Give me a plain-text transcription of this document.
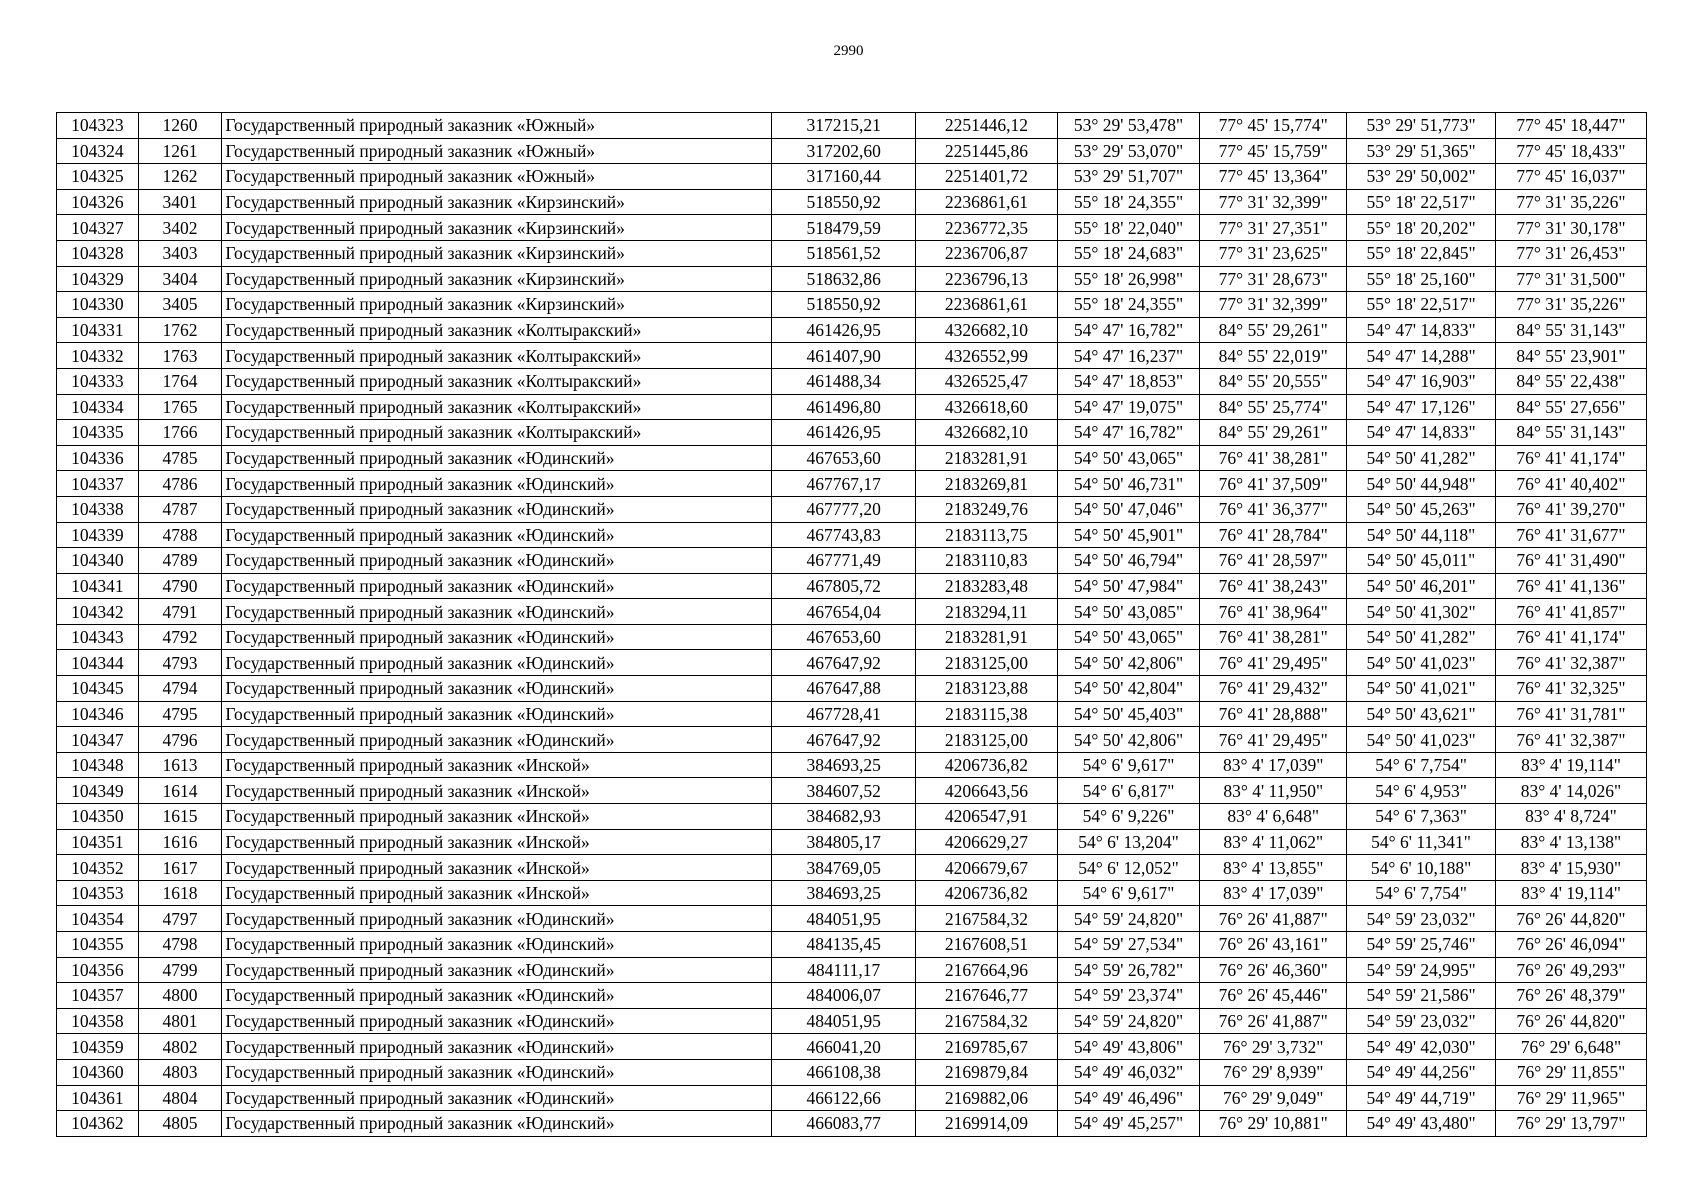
2990
104323	1260	Государственный природный заказник «Южный»	317215,21	2251446,12	53° 29' 53,478"	77° 45' 15,774"	53° 29' 51,773"	77° 45' 18,447"
104324	1261	Государственный природный заказник «Южный»	317202,60	2251445,86	53° 29' 53,070"	77° 45' 15,759"	53° 29' 51,365"	77° 45' 18,433"
104325	1262	Государственный природный заказник «Южный»	317160,44	2251401,72	53° 29' 51,707"	77° 45' 13,364"	53° 29' 50,002"	77° 45' 16,037"
104326	3401	Государственный природный заказник «Кирзинский»	518550,92	2236861,61	55° 18' 24,355"	77° 31' 32,399"	55° 18' 22,517"	77° 31' 35,226"
104327	3402	Государственный природный заказник «Кирзинский»	518479,59	2236772,35	55° 18' 22,040"	77° 31' 27,351"	55° 18' 20,202"	77° 31' 30,178"
104328	3403	Государственный природный заказник «Кирзинский»	518561,52	2236706,87	55° 18' 24,683"	77° 31' 23,625"	55° 18' 22,845"	77° 31' 26,453"
104329	3404	Государственный природный заказник «Кирзинский»	518632,86	2236796,13	55° 18' 26,998"	77° 31' 28,673"	55° 18' 25,160"	77° 31' 31,500"
104330	3405	Государственный природный заказник «Кирзинский»	518550,92	2236861,61	55° 18' 24,355"	77° 31' 32,399"	55° 18' 22,517"	77° 31' 35,226"
104331	1762	Государственный природный заказник «Колтыракский»	461426,95	4326682,10	54° 47' 16,782"	84° 55' 29,261"	54° 47' 14,833"	84° 55' 31,143"
104332	1763	Государственный природный заказник «Колтыракский»	461407,90	4326552,99	54° 47' 16,237"	84° 55' 22,019"	54° 47' 14,288"	84° 55' 23,901"
104333	1764	Государственный природный заказник «Колтыракский»	461488,34	4326525,47	54° 47' 18,853"	84° 55' 20,555"	54° 47' 16,903"	84° 55' 22,438"
104334	1765	Государственный природный заказник «Колтыракский»	461496,80	4326618,60	54° 47' 19,075"	84° 55' 25,774"	54° 47' 17,126"	84° 55' 27,656"
104335	1766	Государственный природный заказник «Колтыракский»	461426,95	4326682,10	54° 47' 16,782"	84° 55' 29,261"	54° 47' 14,833"	84° 55' 31,143"
104336	4785	Государственный природный заказник «Юдинский»	467653,60	2183281,91	54° 50' 43,065"	76° 41' 38,281"	54° 50' 41,282"	76° 41' 41,174"
104337	4786	Государственный природный заказник «Юдинский»	467767,17	2183269,81	54° 50' 46,731"	76° 41' 37,509"	54° 50' 44,948"	76° 41' 40,402"
104338	4787	Государственный природный заказник «Юдинский»	467777,20	2183249,76	54° 50' 47,046"	76° 41' 36,377"	54° 50' 45,263"	76° 41' 39,270"
104339	4788	Государственный природный заказник «Юдинский»	467743,83	2183113,75	54° 50' 45,901"	76° 41' 28,784"	54° 50' 44,118"	76° 41' 31,677"
104340	4789	Государственный природный заказник «Юдинский»	467771,49	2183110,83	54° 50' 46,794"	76° 41' 28,597"	54° 50' 45,011"	76° 41' 31,490"
104341	4790	Государственный природный заказник «Юдинский»	467805,72	2183283,48	54° 50' 47,984"	76° 41' 38,243"	54° 50' 46,201"	76° 41' 41,136"
104342	4791	Государственный природный заказник «Юдинский»	467654,04	2183294,11	54° 50' 43,085"	76° 41' 38,964"	54° 50' 41,302"	76° 41' 41,857"
104343	4792	Государственный природный заказник «Юдинский»	467653,60	2183281,91	54° 50' 43,065"	76° 41' 38,281"	54° 50' 41,282"	76° 41' 41,174"
104344	4793	Государственный природный заказник «Юдинский»	467647,92	2183125,00	54° 50' 42,806"	76° 41' 29,495"	54° 50' 41,023"	76° 41' 32,387"
104345	4794	Государственный природный заказник «Юдинский»	467647,88	2183123,88	54° 50' 42,804"	76° 41' 29,432"	54° 50' 41,021"	76° 41' 32,325"
104346	4795	Государственный природный заказник «Юдинский»	467728,41	2183115,38	54° 50' 45,403"	76° 41' 28,888"	54° 50' 43,621"	76° 41' 31,781"
104347	4796	Государственный природный заказник «Юдинский»	467647,92	2183125,00	54° 50' 42,806"	76° 41' 29,495"	54° 50' 41,023"	76° 41' 32,387"
104348	1613	Государственный природный заказник «Инской»	384693,25	4206736,82	54° 6' 9,617"	83° 4' 17,039"	54° 6' 7,754"	83° 4' 19,114"
104349	1614	Государственный природный заказник «Инской»	384607,52	4206643,56	54° 6' 6,817"	83° 4' 11,950"	54° 6' 4,953"	83° 4' 14,026"
104350	1615	Государственный природный заказник «Инской»	384682,93	4206547,91	54° 6' 9,226"	83° 4' 6,648"	54° 6' 7,363"	83° 4' 8,724"
104351	1616	Государственный природный заказник «Инской»	384805,17	4206629,27	54° 6' 13,204"	83° 4' 11,062"	54° 6' 11,341"	83° 4' 13,138"
104352	1617	Государственный природный заказник «Инской»	384769,05	4206679,67	54° 6' 12,052"	83° 4' 13,855"	54° 6' 10,188"	83° 4' 15,930"
104353	1618	Государственный природный заказник «Инской»	384693,25	4206736,82	54° 6' 9,617"	83° 4' 17,039"	54° 6' 7,754"	83° 4' 19,114"
104354	4797	Государственный природный заказник «Юдинский»	484051,95	2167584,32	54° 59' 24,820"	76° 26' 41,887"	54° 59' 23,032"	76° 26' 44,820"
104355	4798	Государственный природный заказник «Юдинский»	484135,45	2167608,51	54° 59' 27,534"	76° 26' 43,161"	54° 59' 25,746"	76° 26' 46,094"
104356	4799	Государственный природный заказник «Юдинский»	484111,17	2167664,96	54° 59' 26,782"	76° 26' 46,360"	54° 59' 24,995"	76° 26' 49,293"
104357	4800	Государственный природный заказник «Юдинский»	484006,07	2167646,77	54° 59' 23,374"	76° 26' 45,446"	54° 59' 21,586"	76° 26' 48,379"
104358	4801	Государственный природный заказник «Юдинский»	484051,95	2167584,32	54° 59' 24,820"	76° 26' 41,887"	54° 59' 23,032"	76° 26' 44,820"
104359	4802	Государственный природный заказник «Юдинский»	466041,20	2169785,67	54° 49' 43,806"	76° 29' 3,732"	54° 49' 42,030"	76° 29' 6,648"
104360	4803	Государственный природный заказник «Юдинский»	466108,38	2169879,84	54° 49' 46,032"	76° 29' 8,939"	54° 49' 44,256"	76° 29' 11,855"
104361	4804	Государственный природный заказник «Юдинский»	466122,66	2169882,06	54° 49' 46,496"	76° 29' 9,049"	54° 49' 44,719"	76° 29' 11,965"
104362	4805	Государственный природный заказник «Юдинский»	466083,77	2169914,09	54° 49' 45,257"	76° 29' 10,881"	54° 49' 43,480"	76° 29' 13,797"
